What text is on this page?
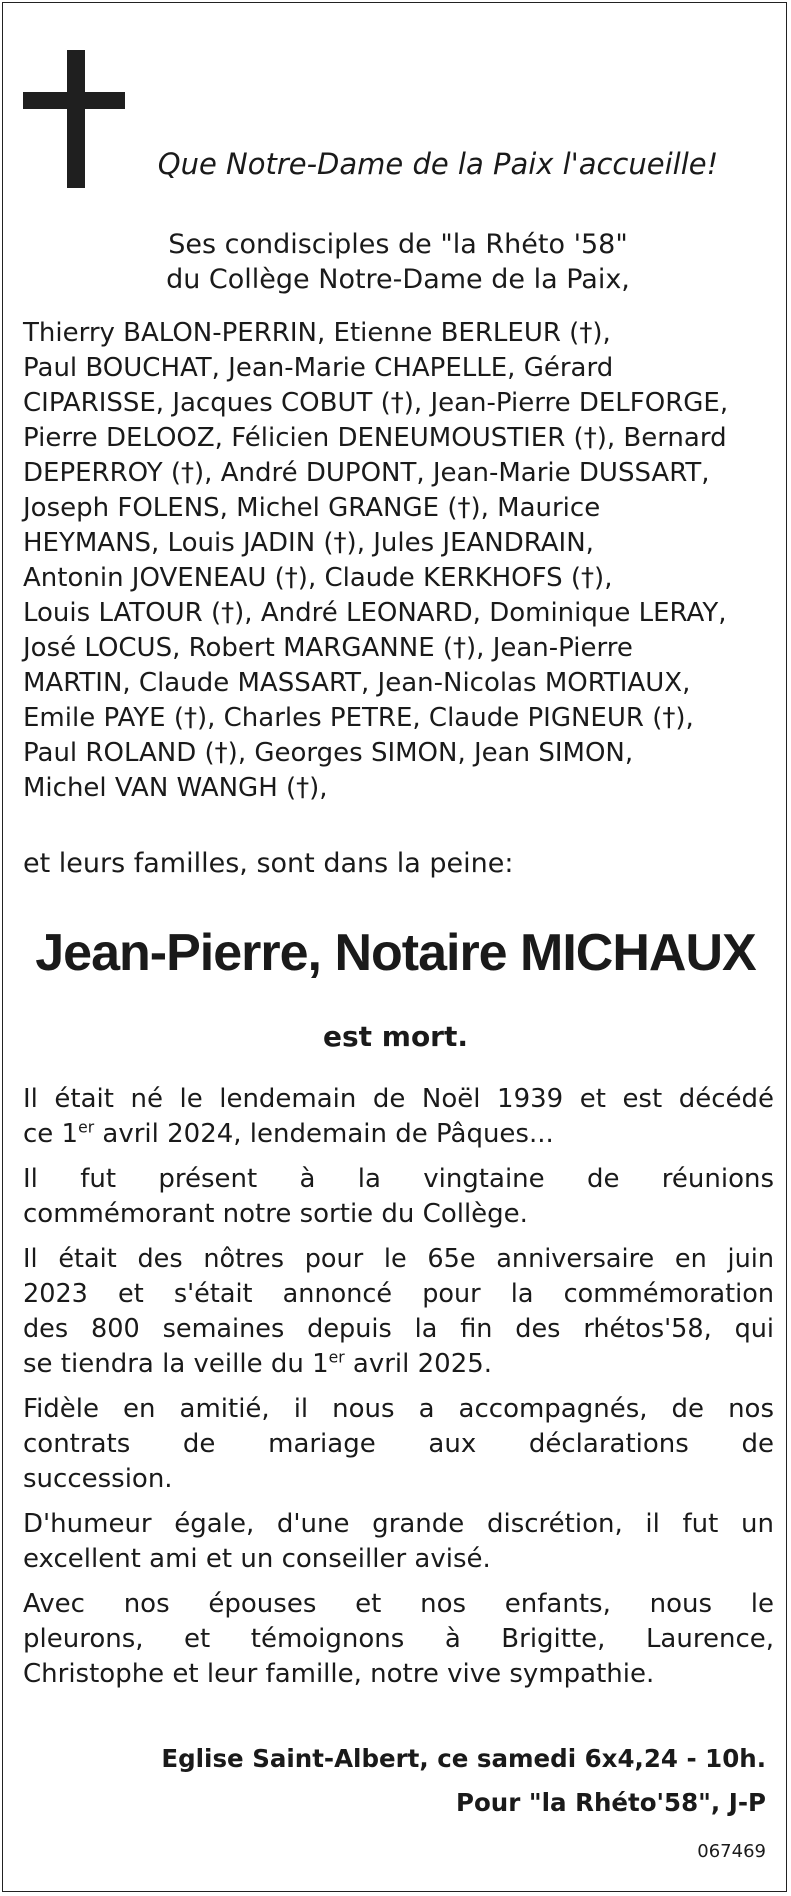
Que Notre-Dame de la Paix l'accueille!
Ses condisciples de "la Rhéto '58"
du Collège Notre-Dame de la Paix,
Thierry BALON-PERRIN, Etienne BERLEUR (†),
Paul BOUCHAT, Jean-Marie CHAPELLE, Gérard
CIPARISSE, Jacques COBUT (†), Jean-Pierre DELFORGE,
Pierre DELOOZ, Félicien DENEUMOUSTIER (†), Bernard
DEPERROY (†), André DUPONT, Jean-Marie DUSSART,
Joseph FOLENS, Michel GRANGE (†), Maurice
HEYMANS, Louis JADIN (†), Jules JEANDRAIN,
Antonin JOVENEAU (†), Claude KERKHOFS (†),
Louis LATOUR (†), André LEONARD, Dominique LERAY,
José LOCUS, Robert MARGANNE (†), Jean-Pierre
MARTIN, Claude MASSART, Jean-Nicolas MORTIAUX,
Emile PAYE (†), Charles PETRE, Claude PIGNEUR (†),
Paul ROLAND (†), Georges SIMON, Jean SIMON,
Michel VAN WANGH (†),
et leurs familles, sont dans la peine:
Jean-Pierre, Notaire MICHAUX
est mort.
Il était né le lendemain de Noël 1939 et est décédé
ce 1er avril 2024, lendemain de Pâques...
Il fut présent à la vingtaine de réunions
commémorant notre sortie du Collège.
Il était des nôtres pour le 65e anniversaire en juin
2023 et s'était annoncé pour la commémoration
des 800 semaines depuis la fin des rhétos'58, qui
se tiendra la veille du 1er avril 2025.
Fidèle en amitié, il nous a accompagnés, de nos
contrats de mariage aux déclarations de
succession.
D'humeur égale, d'une grande discrétion, il fut un
excellent ami et un conseiller avisé.
Avec nos épouses et nos enfants, nous le
pleurons, et témoignons à Brigitte, Laurence,
Christophe et leur famille, notre vive sympathie.
Eglise Saint-Albert, ce samedi 6x4,24 - 10h.
Pour "la Rhéto'58", J-P
067469
